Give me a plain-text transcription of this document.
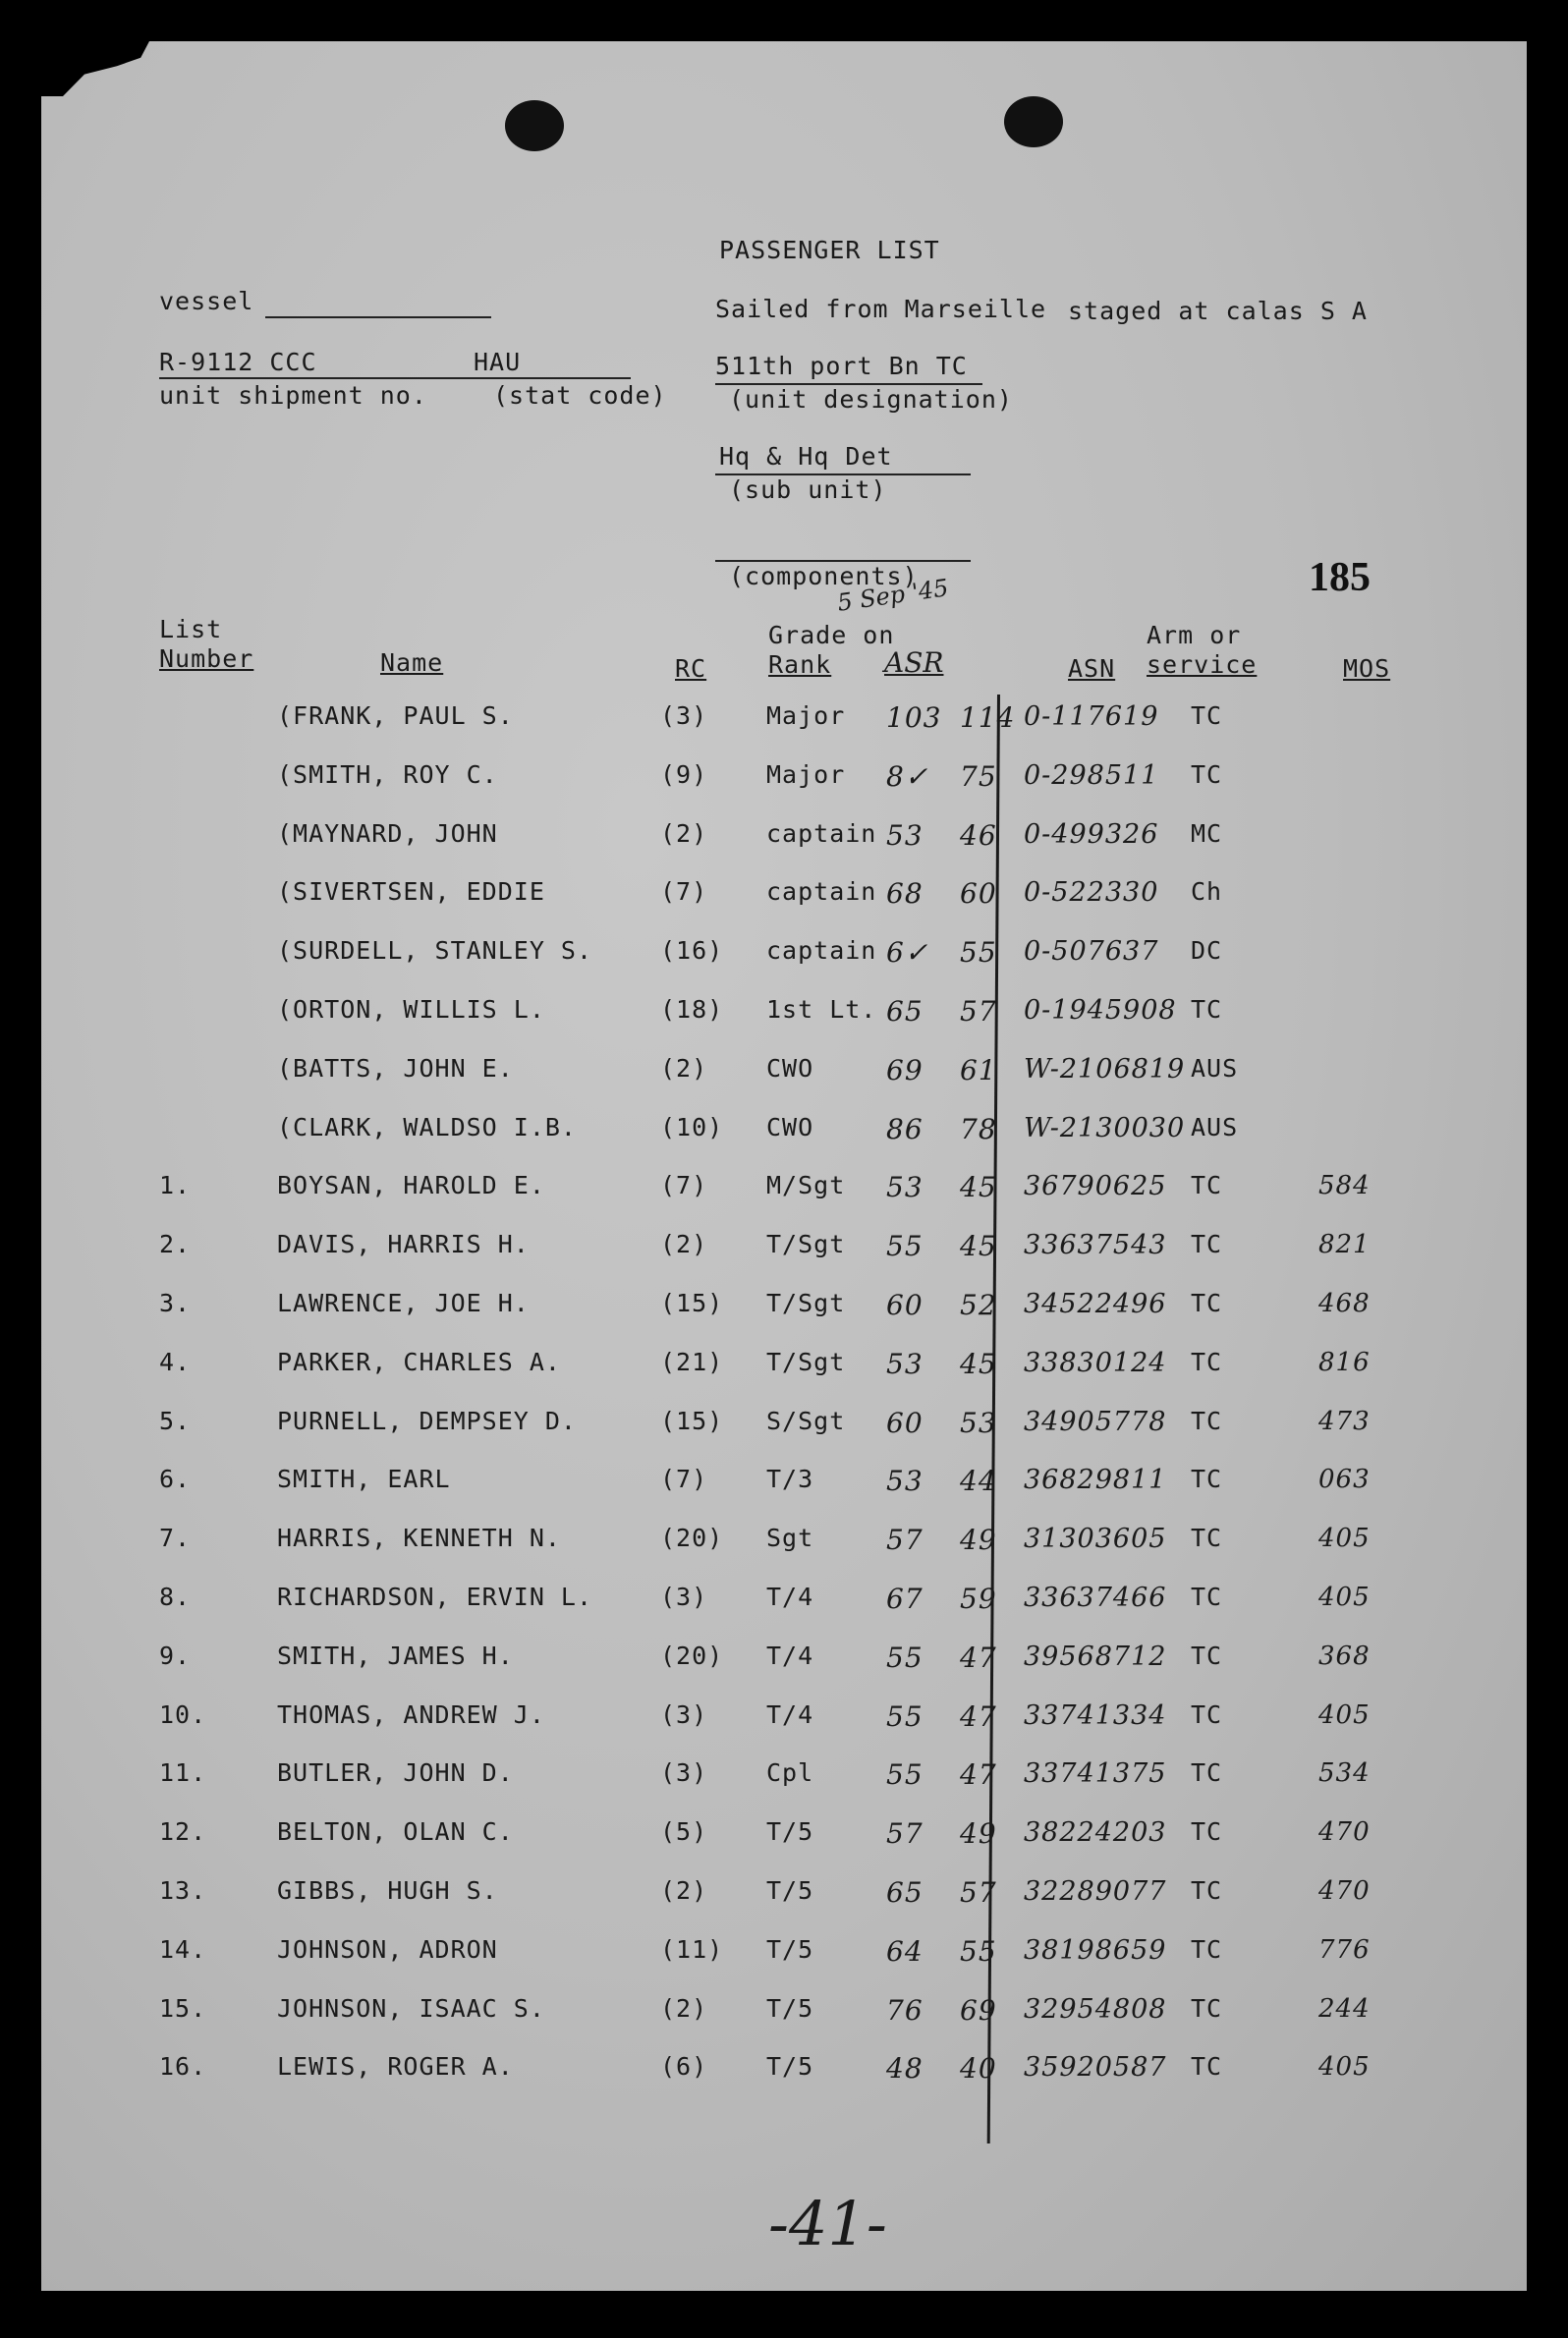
PASSENGER LIST
vessel	Sailed from Marseille staged at calas S A
R-9112 CCC	HAU
unit shipment no.	(stat code)
511th port Bn TC
(unit designation)
Hq & Hq Det
(sub unit)
(components)	185
5 Sep '45
List
Number	Name	RC
Grade on
Rank ASR	ASN
Arm or
service	MOS
(FRANK, PAUL S.	(3) Major 103 114 0-117619 TC
(SMITH, ROY C.	(9) Major 8✓ 75 0-298511 TC
(MAYNARD, JOHN	(2) captain 53 46 0-499326 MC
(SIVERTSEN, EDDIE	(7) captain 68 60 0-522330 Ch
(SURDELL, STANLEY S.	(16) captain 6✓ 55 0-507637 DC
(ORTON, WILLIS L.	(18) 1st Lt. 65 57 0-1945908 TC
(BATTS, JOHN E.	(2) CWO	69 61 W-2106819 AUS
(CLARK, WALDSO I.B.	(10) CWO	86 78 W-2130030 AUS
1.	BOYSAN, HAROLD E.	(7) M/Sgt 53 45 36790625 TC	584
2.	DAVIS, HARRIS H.	(2) T/Sgt 55 45 33637543 TC	821
3.	LAWRENCE, JOE H.	(15) T/Sgt 60 52 34522496 TC	468
4.	PARKER, CHARLES A.	(21) T/Sgt 53 45 33830124 TC	816
5.	PURNELL, DEMPSEY D.	(15) S/Sgt 60 53 34905778 TC	473
6.	SMITH, EARL	(7) T/3	53 44 36829811 TC	063
7.	HARRIS, KENNETH N.	(20) Sgt	57 49 31303605 TC	405
8.	RICHARDSON, ERVIN L.	(3) T/4	67 59 33637466 TC	405
9.	SMITH, JAMES H.	(20) T/4	55 47 39568712 TC	368
10.	THOMAS, ANDREW J.	(3) T/4	55 47 33741334 TC	405
11.	BUTLER, JOHN D.	(3) Cpl	55 47 33741375 TC	534
12.	BELTON, OLAN C.	(5) T/5	57 49 38224203 TC	470
13.	GIBBS, HUGH S.	(2) T/5	65 57 32289077 TC	470
14.	JOHNSON, ADRON	(11) T/5	64 55 38198659 TC	776
15.	JOHNSON, ISAAC S.	(2) T/5	76 69 32954808 TC	244
16.	LEWIS, ROGER A.	(6) T/5	48 40 35920587 TC	405
-41-
